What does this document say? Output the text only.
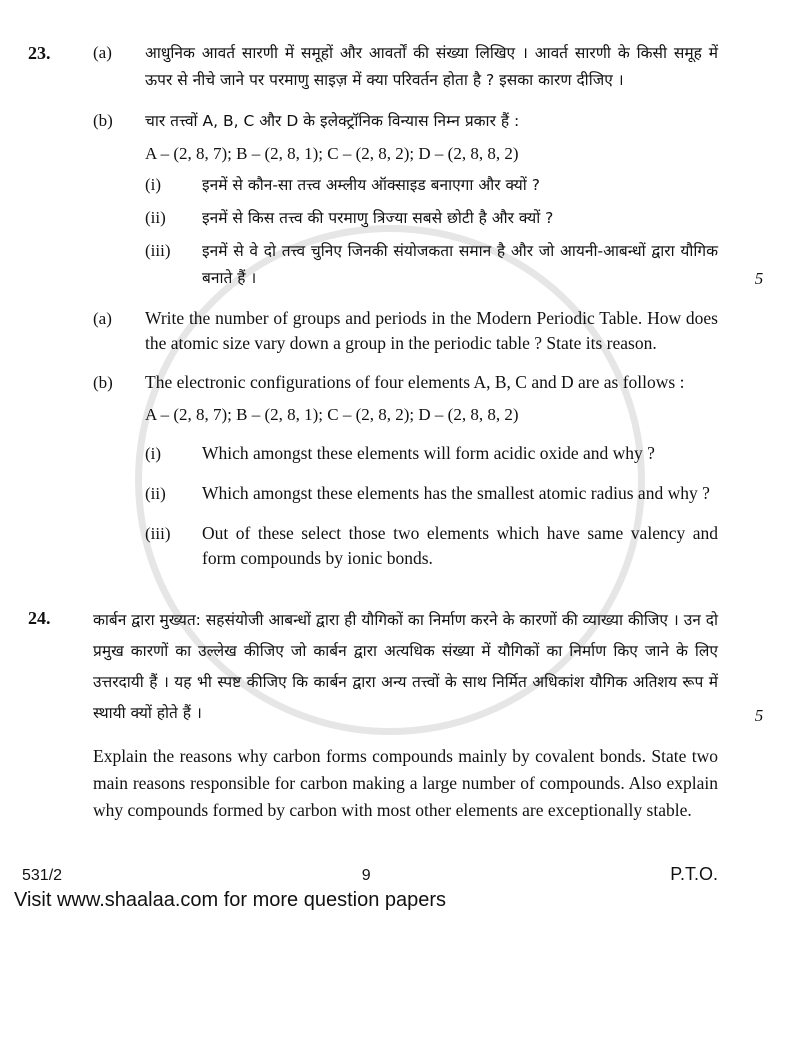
23.	(a)	आधुनिक आवर्त सारणी में समूहों और आवर्तों की संख्या लिखिए । आवर्त सारणी के किसी समूह में ऊपर से नीचे जाने पर परमाणु साइज़ में क्या परिवर्तन होता है ? इसका कारण दीजिए ।
(b)	चार तत्त्वों A, B, C और D के इलेक्ट्रॉनिक विन्यास निम्न प्रकार हैं :
A – (2, 8, 7); B – (2, 8, 1); C – (2, 8, 2); D – (2, 8, 8, 2)
(i)	इनमें से कौन-सा तत्त्व अम्लीय ऑक्साइड बनाएगा और क्यों ?
(ii)	इनमें से किस तत्त्व की परमाणु त्रिज्या सबसे छोटी है और क्यों ?
(iii)	इनमें से वे दो तत्त्व चुनिए जिनकी संयोजकता समान है और जो आयनी-आबन्धों द्वारा यौगिक बनाते हैं ।	5
(a)	Write the number of groups and periods in the Modern Periodic Table. How does the atomic size vary down a group in the periodic table ? State its reason.
(b)	The electronic configurations of four elements A, B, C and D are as follows :
A – (2, 8, 7); B – (2, 8, 1); C – (2, 8, 2); D – (2, 8, 8, 2)
(i)	Which amongst these elements will form acidic oxide and why ?
(ii)	Which amongst these elements has the smallest atomic radius and why ?
(iii)	Out of these select those two elements which have same valency and form compounds by ionic bonds.
24.	कार्बन द्वारा मुख्यत: सहसंयोजी आबन्धों द्वारा ही यौगिकों का निर्माण करने के कारणों की व्याख्या कीजिए । उन दो प्रमुख कारणों का उल्लेख कीजिए जो कार्बन द्वारा अत्यधिक संख्या में यौगिकों का निर्माण किए जाने के लिए उत्तरदायी हैं । यह भी स्पष्ट कीजिए कि कार्बन द्वारा अन्य तत्त्वों के साथ निर्मित अधिकांश यौगिक अतिशय रूप में स्थायी क्यों होते हैं ।	5
Explain the reasons why carbon forms compounds mainly by covalent bonds. State two main reasons responsible for carbon making a large number of compounds. Also explain why compounds formed by carbon with most other elements are exceptionally stable.
531/2	9	P.T.O.
Visit www.shaalaa.com for more question papers
